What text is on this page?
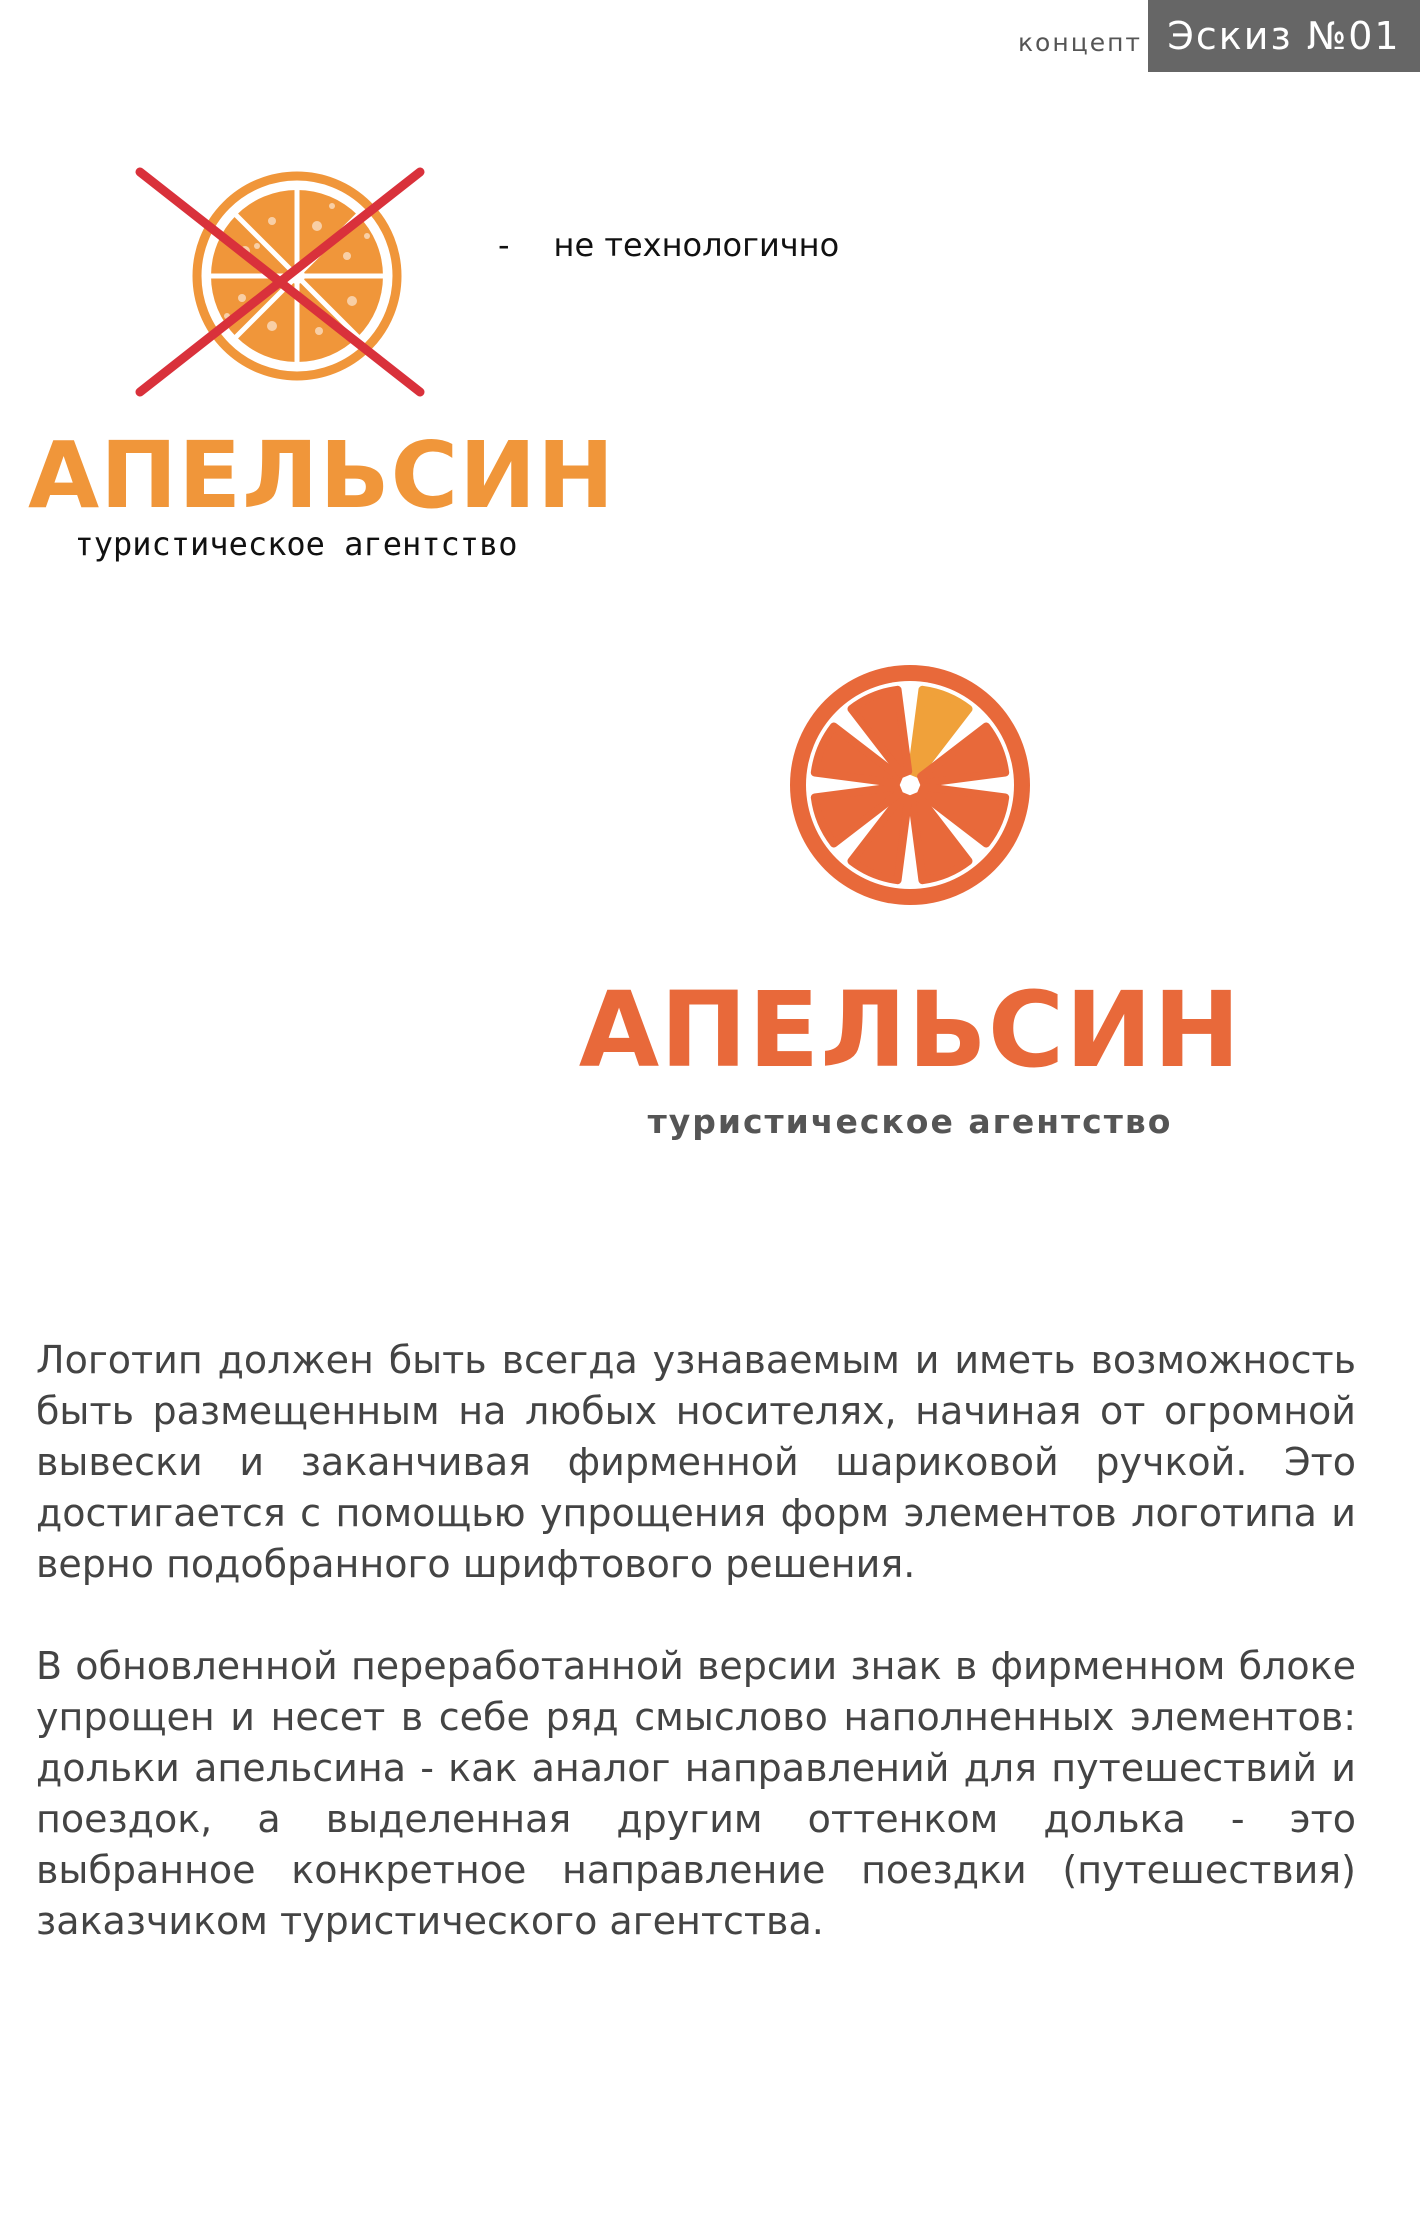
концепт Эскиз №01
АПЕЛЬСИН
туристическое агентство
- не технологично
АПЕЛЬСИН
туристическое агентство

Логотип должен быть всегда узнаваемым и иметь возможность быть размещенным на любых носителях, начиная от огромной вывески и заканчивая фирменной шариковой ручкой. Это достигается с помощью упрощения форм элементов логотипа и верно подобранного шрифтового решения.

В обновленной переработанной версии знак в фирменном блоке упрощен и несет в себе ряд смыслово наполненных элементов: дольки апельсина - как аналог направлений для путешествий и поездок, а выделенная другим оттенком долька - это выбранное конкретное направление поездки (путешествия) заказчиком туристического агентства.
